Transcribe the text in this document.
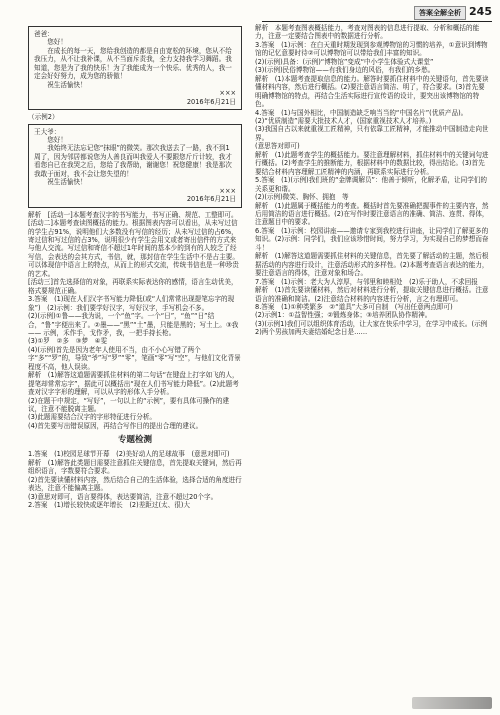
答案全解全析 245

爸爸：

您好！

在成长的每一天，您给我创造的都是自由宽松的环境，您从不给我压力，从不让我补课，从不当面斥责我，全力支持我学习舞蹈。我知道，您是为了我的快乐！为了我能成为一个快乐、优秀的人，我一定会好好努力，成为您的骄傲！

祝生活愉快！

×××

2016年6月21日

（示例2）

王大爷：

您好！

我始终无法忘记您“抹眼”的微笑。那次我送去了一路，我不到1周了，因为邻居都说您为人善良而叫我爱人不要跟您斤斤计较，我才看您自已在我哭之后，您给了我帮助，谢谢您！祝您健康！我是那次我敢于面对，我不会让您失望的！

祝生活愉快！

×××

2016年6月21日

解析　[活动一]本题考查汉字的书写能力，书写正确、规范、工整即可。

[活动二]本题考查读图概括的能力。根据图表内容可以看出，从未写过信的学生占91%，说明他们大多数没有写信的经历；从未写过信的占6%，寄过信和写过信的占3%，说明很少有学生会用文或者寄出信件的方式来与他人交流。写过信和寄信不超过1年时间的基本少的到有的人较乏了经写信，会表达的会其方式，书信，就，那封信在学生生活中不是占主要。可以体现信中语言上的特点，从而上的形式交流，传统书信也是一种珍贵的艺术。

[活动三]首先选择信的对象，再联系实际表达你的感情，语言生动优美，格式要规范正确。

3.答案　(1)现在人们汉字书写能力降低(或“人们常常出现提笔忘字的现象”)　(2)示例：我们要学好汉字，写好汉字，手写机会不多。

(2)(示例)①鲁——我为说，一个“鱼”字。一个“日”，“鱼”“日”结合，“鲁”字便出来了。②墨——“黑”“土”墨，只能是黑的；写土上。③我—— 示例，禾作手，戈作矛，我，一把手持长枪。

(3)①罗　②多　③梦　④雯

(4)(示例)首先是因为老年人使用不当，由不小心写错了两个字“多”“罗”的，导致“爷”写“罗”“零”，笔画“零”写“空”，与他们文化背景程度不高，他人误读。

解析　(1)解答这道题需要抓住材料的第二句话“在键盘上打字如飞的人，提笔却常常忘字”，据此可以概括出“现在人们书写能力降低”。(2)此题考查对汉字字形的理解，可以从字的形体入手分析。

(2)在题干中规定，“写好”，一句以上的“示例”，要有具体可操作的建议，注意不能脱离主题。

(3)此题需要结合汉字的字形特征进行分析。

(4)首先要写出错误原因，再结合写作目的提出合理的建议。

专题检测

1.答案　(1)校园足球节开幕　(2)美好动人的足球故事　(意思对即可)

解析　(1)解答此类题目需要注意抓住关键信息，首先提取关键词，然后再组织语言，字数要符合要求。

(2)首先要读懂材料内容，然后结合自己的生活体验，选择合适的角度进行表达，注意不能偏离主题。

(3)意思对即可，语言要得体，表达要简洁，注意不超过20个字。

2.答案　(1)增长较快或逐年增长　(2)差距过(太、很)大

解析　本题考查图表概括能力，考查对图表的信息进行提取、分析和概括的能力，注意一定要结合图表中的数据进行分析。

3.答案　(1)示例：在白天重时期发现到参观博物馆的习惯的培养，①意识到博物馆的记忆意要时待②可以博物馆可以带给我们丰富的知识。

(2)(示例)具备：(示例)“博物馆”变成“中小学生体验式大课堂”

(3)(示例)民俗博物馆——有我们身边的风俗，有我们的乡愁。

解析　(1)本题考查提取信息的能力。解答时要抓住材料中的关键语句，首先要读懂材料内容，然后进行概括。(2)要注意语言简洁、明了，符合要求。(3)首先要明确博物馆的特点，再结合生活实际进行宣传语的设计，要突出该博物馆的特色。

4.答案　(1)与国外相比，中国制造缺乏响当当的“中国名片”(优质产品)。

(2)“优质制造”需要大批技术人才，(国家重视技术人才培养。)

(3)我国自古以来就重视工匠精神，只有依靠工匠精神，才能推动中国制造走向世界。

(意思答对即可)

解析　(1)此题考查学生的概括能力。要注意理解材料，抓住材料中的关键词句进行概括。(2)考查学生的推断能力，根据材料中的数据比较，得出结论。(3)首先要结合材料内容理解工匠精神的内涵，再联系实际进行分析。

5.答案　(1)(示例)我们班的“金牌调解员”：他善于倾听，化解矛盾，让同学们的关系更和谐。

(2)(示例)微笑、胸怀、拥抱　等

解析　(1)此题属于概括能力的考查。概括时首先要准确把握事件的主要内容，然后用简洁的语言进行概括。(2)在写作时要注意语言的准确、简洁、连贯、得体，注意题目中的要求。

6.答案　(1)示例：校园讲座——邀请专家到我校进行讲座，让同学们了解更多的知识。(2)示例：同学们，我们应该珍惜时间，努力学习，为实现自己的梦想而奋斗！

解析　(1)解答这道题需要抓住材料的关键信息，首先要了解活动的主题，然后根据活动的内容进行设计，注意活动形式的多样性。(2)本题考查语言表达的能力，要注意语言的得体，注意对象和场合。

7.答案　(1)示例：老大为人淳厚，与邻里和睦相处　(2)乐于助人，不求回报

解析　(1)首先要读懂材料，然后对材料进行分析，提取关键信息进行概括。注意语言的准确和简洁。(2)注意结合材料的内容进行分析，言之有理即可。

8.答案　(1)①种类繁多　②“道具”大多可自制　(写出任意两点即可)

(2)示例1：①益智性强；②锻炼身体；③培养团队协作精神。

(3)(示例1)我们可以组织体育活动，让大家在快乐中学习，在学习中成长。(示例2)两个男孩加两夫妻结婚纪念日是……
